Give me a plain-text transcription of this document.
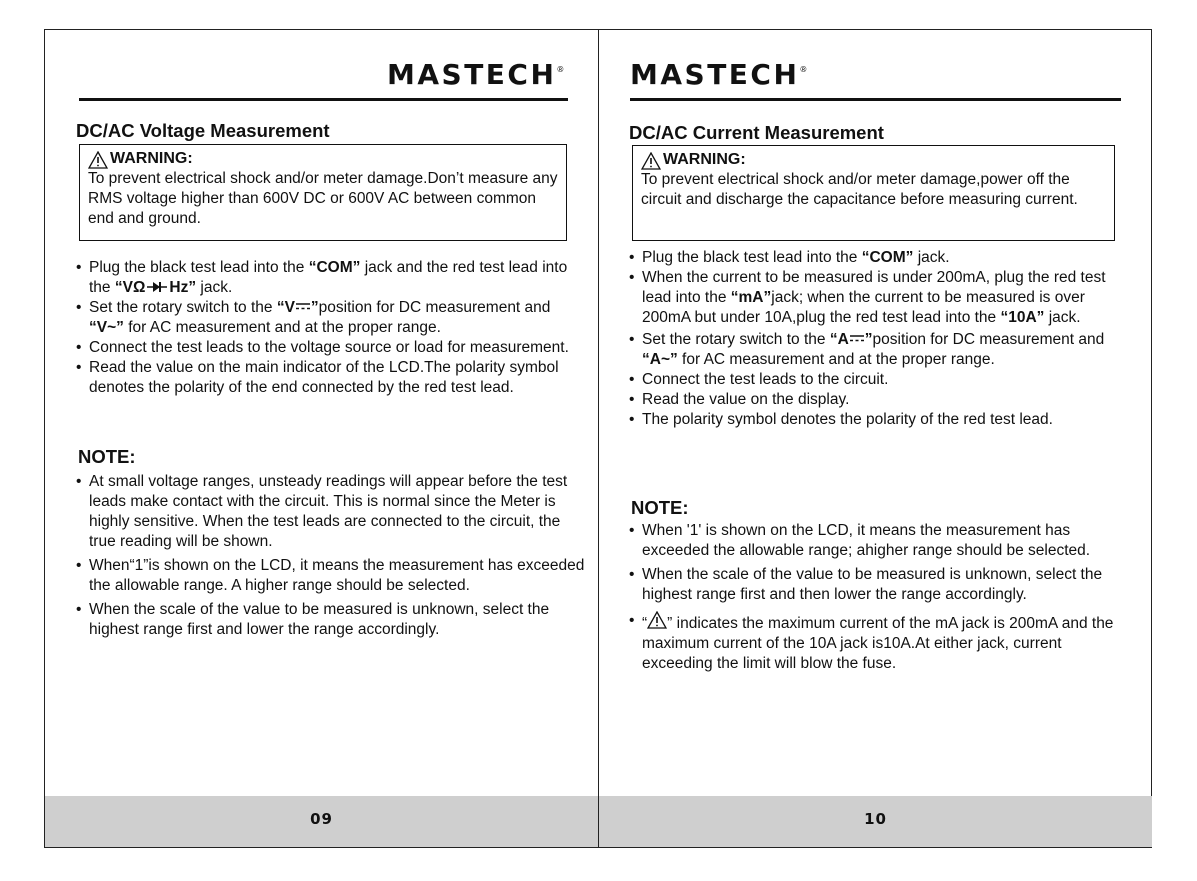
MASTECH®
DC/AC Voltage Measurement
WARNING:
To prevent electrical shock and/or meter damage.Don’t measure any RMS voltage higher than 600V DC or 600V AC between common end and ground.
• Plug the black test lead into the “COM” jack and the red test lead into the “VΩ Hz” jack.
• Set the rotary switch to the “V ”position for DC measurement and “V~” for AC measurement and at the proper range.
• Connect the test leads to the voltage source or load for measurement.
• Read the value on the main indicator of the LCD.The polarity symbol denotes the polarity of the end connected by the red test lead.
NOTE:
• At small voltage ranges, unsteady readings will appear before the test leads make contact with the circuit. This is normal since the Meter is highly sensitive. When the test leads are connected to the circuit, the true reading will be shown.
• When“1”is shown on the LCD, it means the measurement has exceeded the allowable range. A higher range should be selected.
• When the scale of the value to be measured is unknown, select the highest range first and lower the range accordingly.
09
MASTECH®
DC/AC Current Measurement
WARNING:
To prevent electrical shock and/or meter damage,power off the circuit and discharge the capacitance before measuring current.
• Plug the black test lead into the “COM” jack.
• When the current to be measured is under 200mA, plug the red test lead into the “mA”jack; when the current to be measured is over 200mA but under 10A,plug the red test lead into the “10A” jack.
• Set the rotary switch to the “A ”position for DC measurement and “A~” for AC measurement and at the proper range.
• Connect the test leads to the circuit.
• Read the value on the display.
• The polarity symbol denotes the polarity of the red test lead.
NOTE:
• When '1' is shown on the LCD, it means the measurement has exceeded the allowable range; ahigher range should be selected.
• When the scale of the value to be measured is unknown, select the highest range first and then lower the range accordingly.
• “ ” indicates the maximum current of the mA jack is 200mA and the maximum current of the 10A jack is10A.At either jack, current exceeding the limit will blow the fuse.
10
